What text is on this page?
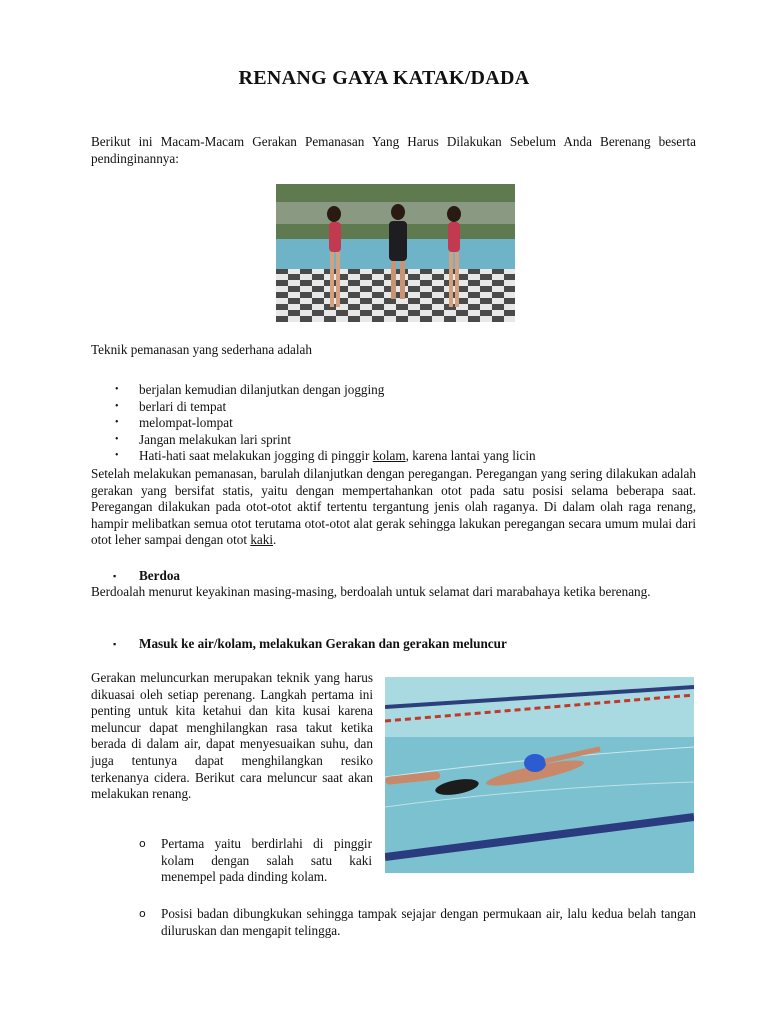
RENANG GAYA KATAK/DADA
Berikut ini Macam-Macam Gerakan Pemanasan Yang Harus Dilakukan Sebelum Anda Berenang beserta pendinginannya:
Teknik pemanasan yang sederhana adalah
• berjalan kemudian dilanjutkan dengan jogging
• berlari di tempat
• melompat-lompat
• Jangan melakukan lari sprint
• Hati-hati saat melakukan jogging di pinggir kolam, karena lantai yang licin

Setelah melakukan pemanasan, barulah dilanjutkan dengan peregangan. Peregangan yang sering dilakukan adalah gerakan yang bersifat statis, yaitu dengan mempertahankan otot pada satu posisi selama beberapa saat. Peregangan dilakukan pada otot-otot aktif tertentu tergantung jenis olah raganya. Di dalam olah raga renang, hampir melibatkan semua otot terutama otot-otot alat gerak sehingga lakukan peregangan secara umum mulai dari otot leher sampai dengan otot kaki.

▪ Berdoa

Berdoalah menurut keyakinan masing-masing, berdoalah untuk selamat dari marabahaya ketika berenang.

▪ Masuk ke air/kolam, melakukan Gerakan dan gerakan meluncur
Gerakan meluncurkan merupakan teknik yang harus dikuasai oleh setiap perenang. Langkah pertama ini penting untuk kita ketahui dan kita kusai karena meluncur dapat menghilangkan rasa takut ketika berada di dalam air, dapat menyesuaikan suhu, dan juga tentunya dapat menghilangkan resiko terkenanya cidera. Berikut cara meluncur saat akan melakukan renang.
o Pertama yaitu berdirlahi di pinggir kolam dengan salah satu kaki menempel pada dinding kolam.
o Posisi badan dibungkukan sehingga tampak sejajar dengan permukaan air, lalu kedua belah tangan diluruskan dan mengapit telingga.
